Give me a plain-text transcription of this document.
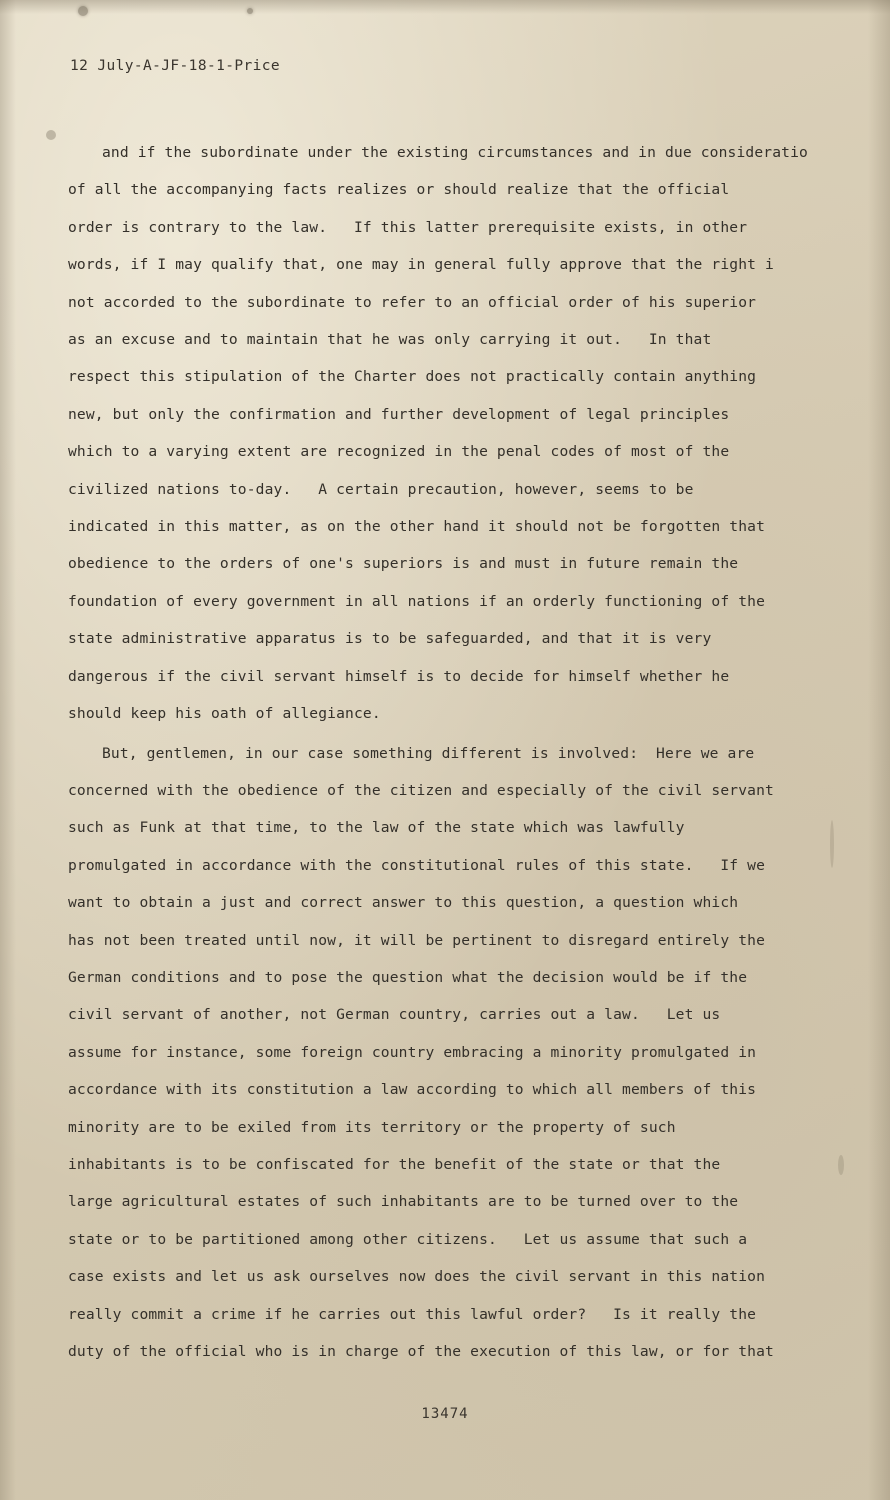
12 July-A-JF-18-1-Price
and if the subordinate under the existing circumstances and in due consideratio
of all the accompanying facts realizes or should realize that the official
order is contrary to the law.   If this latter prerequisite exists, in other
words, if I may qualify that, one may in general fully approve that the right i
not accorded to the subordinate to refer to an official order of his superior
as an excuse and to maintain that he was only carrying it out.   In that
respect this stipulation of the Charter does not practically contain anything
new, but only the confirmation and further development of legal principles
which to a varying extent are recognized in the penal codes of most of the
civilized nations to-day.   A certain precaution, however, seems to be
indicated in this matter, as on the other hand it should not be forgotten that
obedience to the orders of one's superiors is and must in future remain the
foundation of every government in all nations if an orderly functioning of the
state administrative apparatus is to be safeguarded, and that it is very
dangerous if the civil servant himself is to decide for himself whether he
should keep his oath of allegiance.
But, gentlemen, in our case something different is involved:  Here we are
concerned with the obedience of the citizen and especially of the civil servant
such as Funk at that time, to the law of the state which was lawfully
promulgated in accordance with the constitutional rules of this state.   If we
want to obtain a just and correct answer to this question, a question which
has not been treated until now, it will be pertinent to disregard entirely the
German conditions and to pose the question what the decision would be if the
civil servant of another, not German country, carries out a law.   Let us
assume for instance, some foreign country embracing a minority promulgated in
accordance with its constitution a law according to which all members of this
minority are to be exiled from its territory or the property of such
inhabitants is to be confiscated for the benefit of the state or that the
large agricultural estates of such inhabitants are to be turned over to the
state or to be partitioned among other citizens.   Let us assume that such a
case exists and let us ask ourselves now does the civil servant in this nation
really commit a crime if he carries out this lawful order?   Is it really the
duty of the official who is in charge of the execution of this law, or for that
13474
